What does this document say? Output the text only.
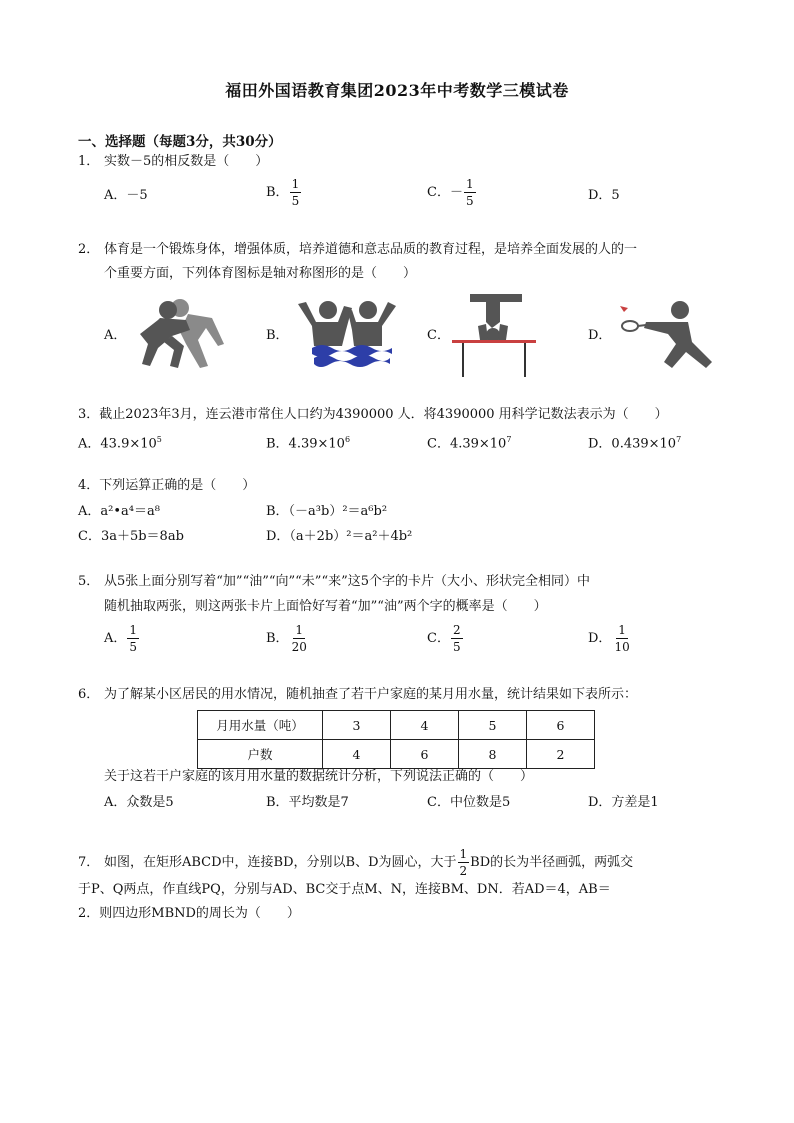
福田外国语教育集团2023年中考数学三模试卷
一、选择题（每题3分，共30分）
1． 实数－5的相反数是（　　）
A．－5	B． $\frac{1}{5}$	C．－ $\frac{1}{5}$	D．5
2． 体育是一个锻炼身体，增强体质，培养道德和意志品质的教育过程，是培养全面发展的人的一
个重要方面，下列体育图标是轴对称图形的是（　　）
A．	B．	C．	D．
3．截止2023年3月，连云港市常住人口约为4390000 人．将4390000 用科学记数法表示为（　　）
A．$43.9\times 10^5$	B．$4.39\times 10^6$	C．$4.39\times 10^7$	D．$0.439\times 10^7$
4．下列运算正确的是（　　）
A．a²•a⁴＝a⁸	B．（－a³b）²＝a⁶b²
C．3a＋5b＝8ab	D．（a＋2b）²＝a²＋4b²
5． 从5张上面分别写着“加”“油”“向”“未”“来”这5个字的卡片（大小、形状完全相同）中
随机抽取两张，则这两张卡片上面恰好写着“加”“油”两个字的概率是（　　）
A． $\frac{1}{5}$	B． $\frac{1}{20}$	C． $\frac{2}{5}$	D． $\frac{1}{10}$
6． 为了解某小区居民的用水情况，随机抽查了若干户家庭的某月用水量，统计结果如下表所示：
月用水量（吨）	3	4	5	6
户数	4	6	8	2
关于这若干户家庭的该月用水量的数据统计分析，下列说法正确的（　　）
A．众数是5	B．平均数是7	C．中位数是5	D．方差是1
7． 如图，在矩形ABCD中，连接BD，分别以B、D为圆心，大于 $\frac{1}{2}$ BD的长为半径画弧，两弧交
于P、Q两点，作直线PQ，分别与AD、BC交于点M、N，连接BM、DN．若AD＝4，AB＝
2．则四边形MBND的周长为（　　）
